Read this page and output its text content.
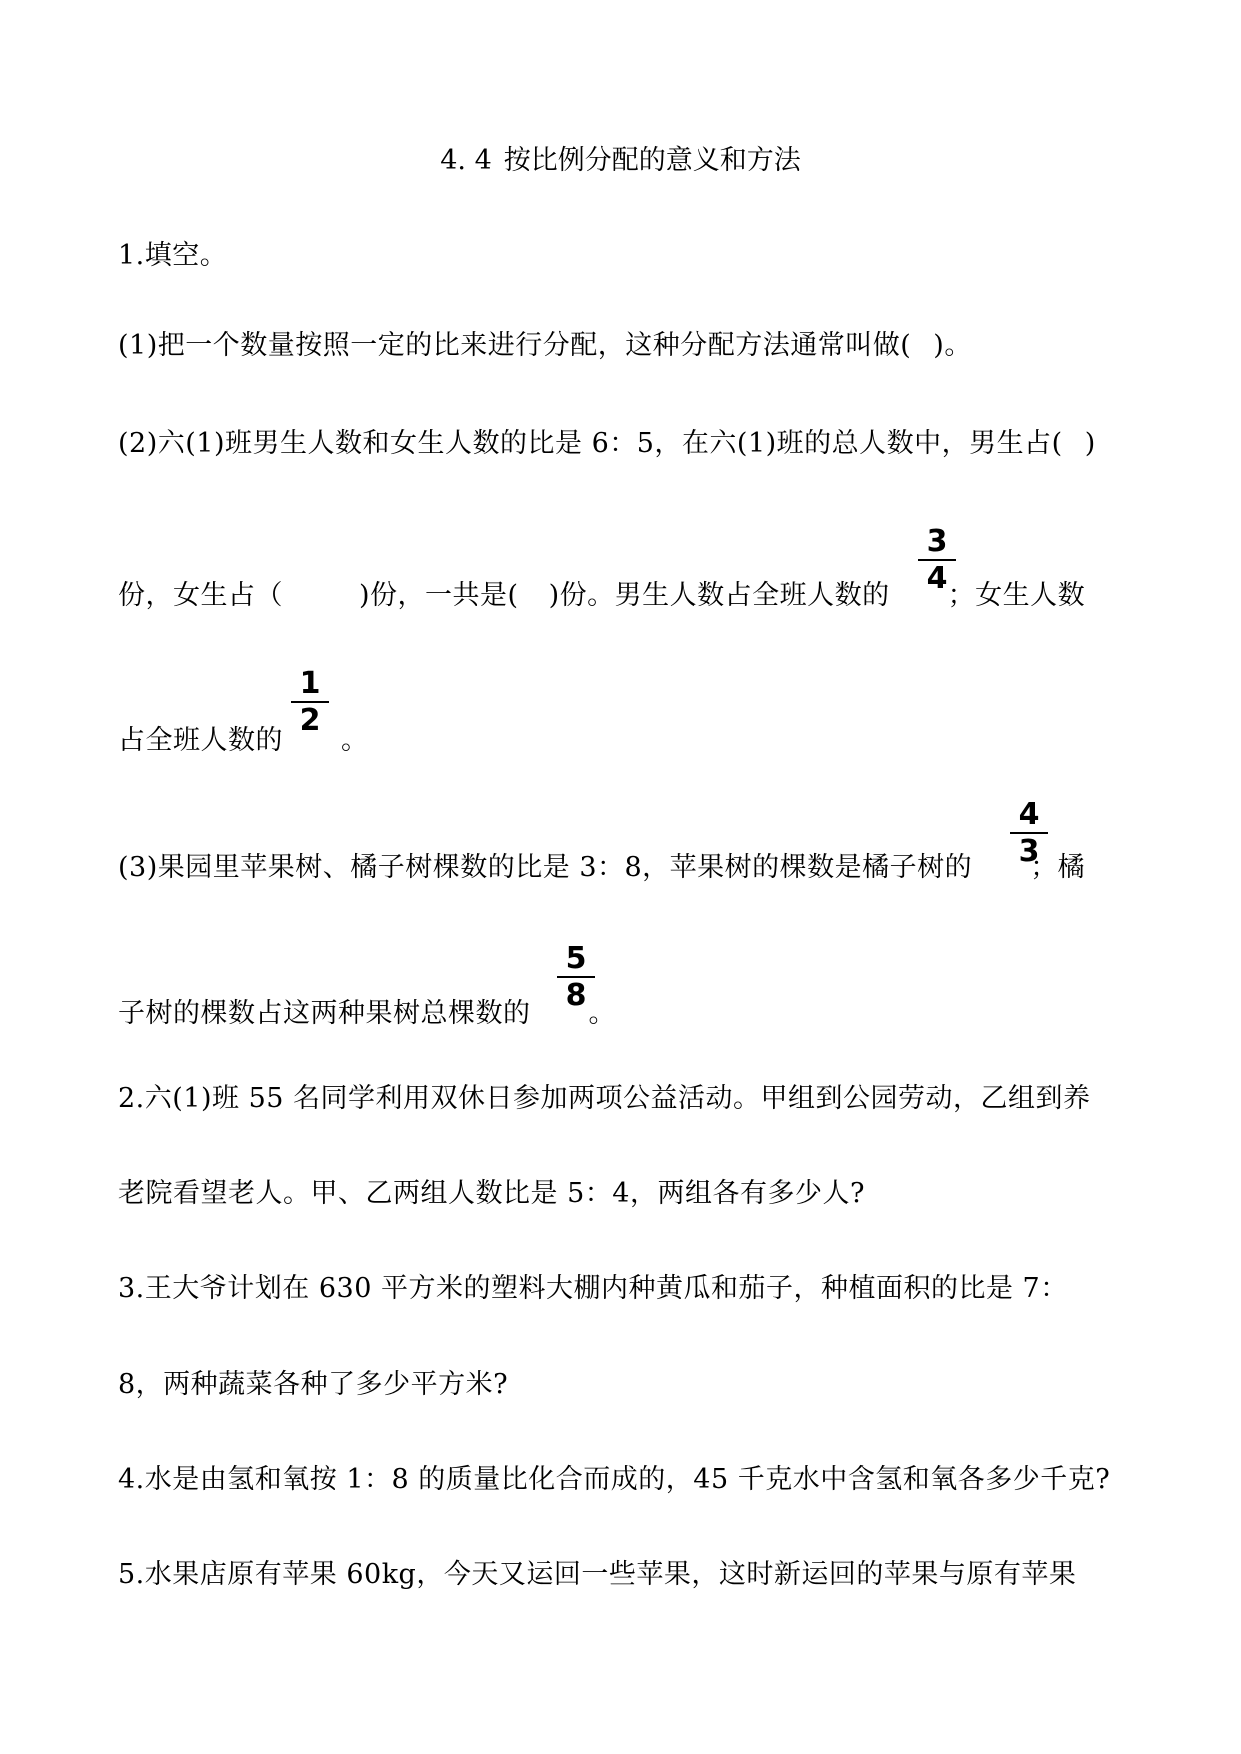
4. 4 按比例分配的意义和方法
1.填空。
(1)把一个数量按照一定的比来进行分配，这种分配方法通常叫做( )。
(2)六(1)班男生人数和女生人数的比是 6：5，在六(1)班的总人数中，男生占( )
份，女生占（	)份，一共是( )份。男生人数占全班人数的 ；女生人数
3
4
占全班人数的 。
1
2
(3)果园里苹果树、橘子树棵数的比是 3：8，苹果树的棵数是橘子树的 ；橘
4
3
子树的棵数占这两种果树总棵数的 。
5
8
2.六(1)班 55 名同学利用双休日参加两项公益活动。甲组到公园劳动，乙组到养
老院看望老人。甲、乙两组人数比是 5：4，两组各有多少人?
3.王大爷计划在 630 平方米的塑料大棚内种黄瓜和茄子，种植面积的比是 7：
8，两种蔬菜各种了多少平方米?
4.水是由氢和氧按 1：8 的质量比化合而成的，45 千克水中含氢和氧各多少千克?
5.水果店原有苹果 60kg，今天又运回一些苹果，这时新运回的苹果与原有苹果
